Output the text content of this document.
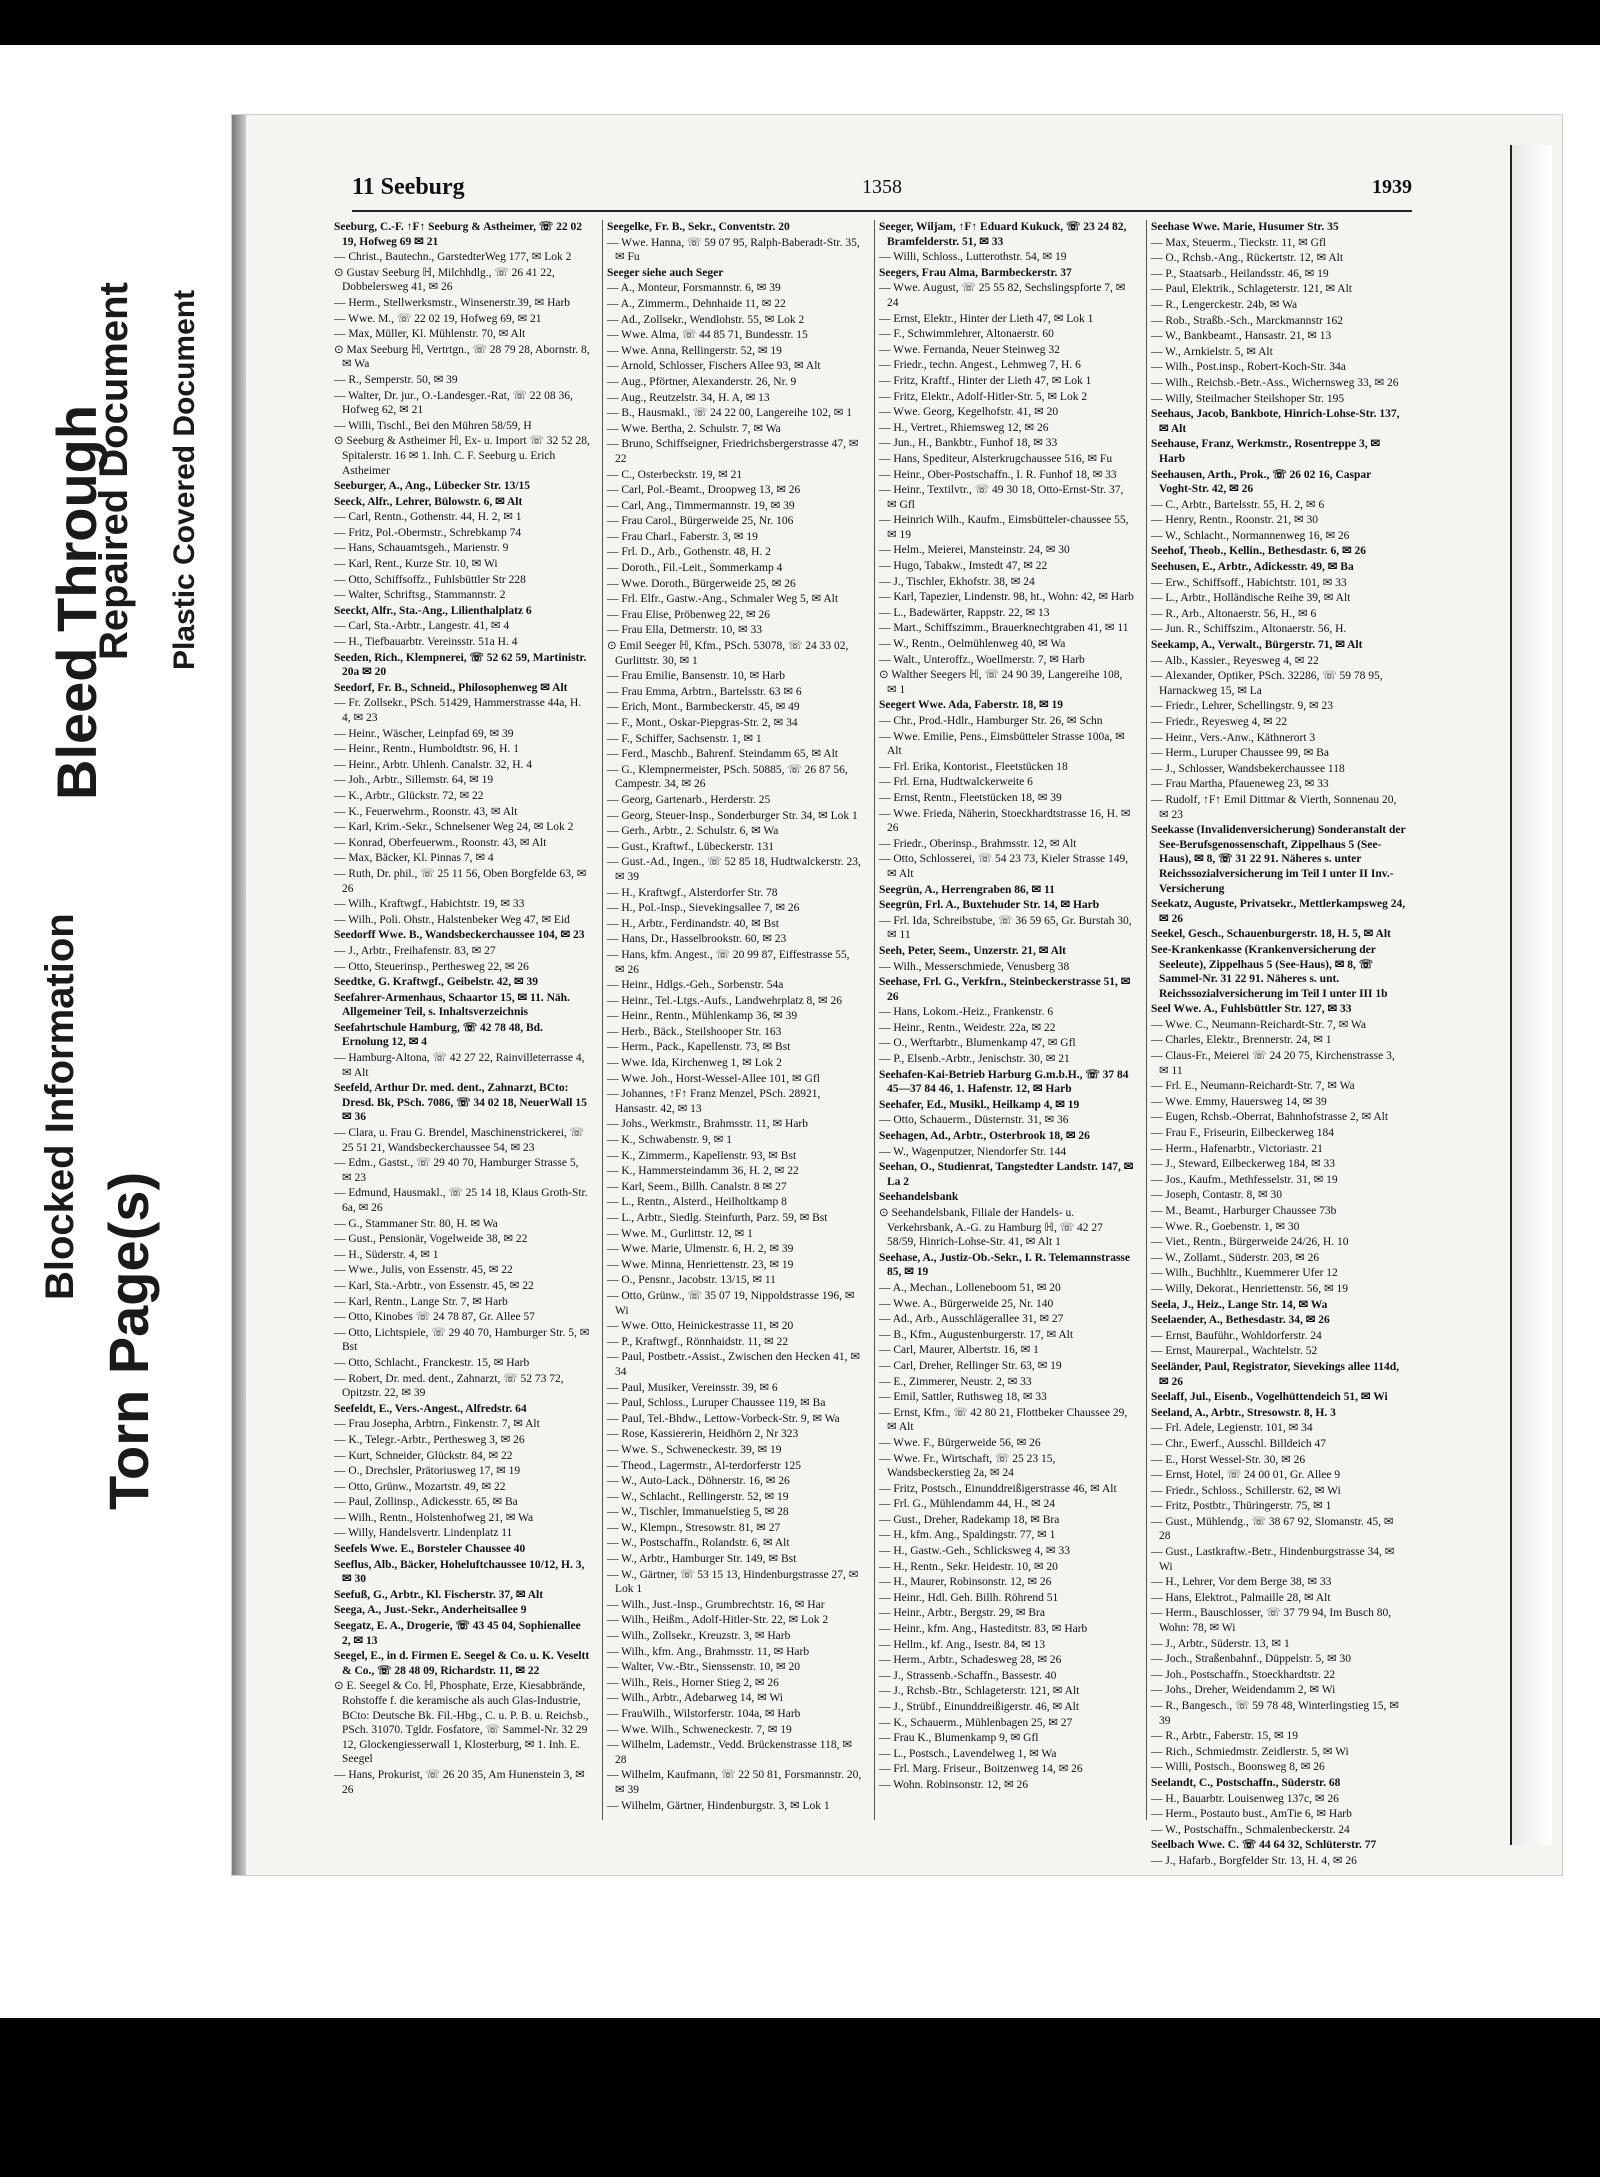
Blocked Information
Bleed Through
Torn Page(s)
Repaired Document Plastic Covered Document
11 Seeburg	1358	1939
Seeburg, C.-F. ↑F↑ Seeburg & Astheimer, ☏ 22 02 19, Hofweg 69 ✉ 21
— Christ., Bautechn., GarstedterWeg 177, ✉ Lok 2
⊙ Gustav Seeburg ℍ, Milchhdlg., ☏ 26 41 22, Dobbelersweg 41, ✉ 26
— Herm., Stellwerksmstr., Winsenerstr.39, ✉ Harb
— Wwe. M., ☏ 22 02 19, Hofweg 69, ✉ 21
— Max, Müller, Kl. Mühlenstr. 70, ✉ Alt
⊙ Max Seeburg ℍ, Vertrtgn., ☏ 28 79 28, Abornstr. 8, ✉ Wa
— R., Semperstr. 50, ✉ 39
— Walter, Dr. jur., O.-Landesger.-Rat, ☏ 22 08 36, Hofweg 62, ✉ 21
— Willi, Tischl., Bei den Mühren 58/59, H
⊙ Seeburg & Astheimer ℍ, Ex- u. Import ☏ 32 52 28, Spitalerstr. 16 ✉ 1. Inh. C. F. Seeburg u. Erich Astheimer
Seeburger, A., Ang., Lübecker Str. 13/15
Seeck, Alfr., Lehrer, Bülowstr. 6, ✉ Alt
— Carl, Rentn., Gothenstr. 44, H. 2, ✉ 1
— Fritz, Pol.-Obermstr., Schrebkamp 74
— Hans, Schauamtsgeh., Marienstr. 9
— Karl, Rent., Kurze Str. 10, ✉ Wi
— Otto, Schiffsoffz., Fuhlsbüttler Str 228
— Walter, Schriftsg., Stammannstr. 2
Seeckt, Alfr., Sta.-Ang., Lilienthalplatz 6
— Carl, Sta.-Arbtr., Langestr. 41, ✉ 4
— H., Tiefbauarbtr. Vereinsstr. 51a H. 4
Seeden, Rich., Klempnerei, ☏ 52 62 59, Martinistr. 20a ✉ 20
Seedorf, Fr. B., Schneid., Philosophenweg ✉ Alt
— Fr. Zollsekr., PSch. 51429, Hammerstrasse 44a, H. 4, ✉ 23
— Heinr., Wäscher, Leinpfad 69, ✉ 39
— Heinr., Rentn., Humboldtstr. 96, H. 1
— Heinr., Arbtr. Uhlenh. Canalstr. 32, H. 4
— Joh., Arbtr., Sillemstr. 64, ✉ 19
— K., Arbtr., Glückstr. 72, ✉ 22
— K., Feuerwehrm., Roonstr. 43, ✉ Alt
— Karl, Krim.-Sekr., Schnelsener Weg 24, ✉ Lok 2
— Konrad, Oberfeuerwm., Roonstr. 43, ✉ Alt
— Max, Bäcker, Kl. Pinnas 7, ✉ 4
— Ruth, Dr. phil., ☏ 25 11 56, Oben Borgfelde 63, ✉ 26
— Wilh., Kraftwgf., Habichtstr. 19, ✉ 33
— Wilh., Poli. Ohstr., Halstenbeker Weg 47, ✉ Eid
Seedorff Wwe. B., Wandsbeckerchaussee 104, ✉ 23
— J., Arbtr., Freihafenstr. 83, ✉ 27
— Otto, Steuerinsp., Perthesweg 22, ✉ 26
Seedtke, G. Kraftwgf., Geibelstr. 42, ✉ 39
Seefahrer-Armenhaus, Schaartor 15, ✉ 11. Näh. Allgemeiner Teil, s. Inhaltsverzeichnis
Seefahrtschule Hamburg, ☏ 42 78 48, Bd. Ernolung 12, ✉ 4
— Hamburg-Altona, ☏ 42 27 22, Rainvilleterrasse 4, ✉ Alt
Seefeld, Arthur Dr. med. dent., Zahnarzt, BCto: Dresd. Bk, PSch. 7086, ☏ 34 02 18, NeuerWall 15 ✉ 36
— Clara, u. Frau G. Brendel, Maschinenstrickerei, ☏ 25 51 21, Wandsbeckerchaussee 54, ✉ 23
— Edm., Gastst., ☏ 29 40 70, Hamburger Strasse 5, ✉ 23
— Edmund, Hausmakl., ☏ 25 14 18, Klaus Groth-Str. 6a, ✉ 26
— G., Stammaner Str. 80, H. ✉ Wa
— Gust., Pensionär, Vogelweide 38, ✉ 22
— H., Süderstr. 4, ✉ 1
— Wwe., Julis, von Essenstr. 45, ✉ 22
— Karl, Sta.-Arbtr., von Essenstr. 45, ✉ 22
— Karl, Rentn., Lange Str. 7, ✉ Harb
— Otto, Kinobes ☏ 24 78 87, Gr. Allee 57
— Otto, Lichtspiele, ☏ 29 40 70, Hamburger Str. 5, ✉ Bst
— Otto, Schlacht., Franckestr. 15, ✉ Harb
— Robert, Dr. med. dent., Zahnarzt, ☏ 52 73 72, Opitzstr. 22, ✉ 39
Seefeldt, E., Vers.-Angest., Alfredstr. 64
— Frau Josepha, Arbtrn., Finkenstr. 7, ✉ Alt
— K., Telegr.-Arbtr., Perthesweg 3, ✉ 26
— Kurt, Schneider, Glückstr. 84, ✉ 22
— O., Drechsler, Prätoriusweg 17, ✉ 19
— Otto, Grünw., Mozartstr. 49, ✉ 22
— Paul, Zollinsp., Adickesstr. 65, ✉ Ba
— Wilh., Rentn., Holstenhofweg 21, ✉ Wa
— Willy, Handelsvertr. Lindenplatz 11
Seefels Wwe. E., Borsteler Chaussee 40
Seeflus, Alb., Bäcker, Hoheluftchaussee 10/12, H. 3, ✉ 30
Seefuß, G., Arbtr., Kl. Fischerstr. 37, ✉ Alt
Seega, A., Just.-Sekr., Anderheitsallee 9
Seegatz, E. A., Drogerie, ☏ 43 45 04, Sophienallee 2, ✉ 13
Seegel, E., in d. Firmen E. Seegel & Co. u. K. Veseltt & Co., ☏ 28 48 09, Richardstr. 11, ✉ 22
⊙ E. Seegel & Co. ℍ, Phosphate, Erze, Kiesabbrände, Rohstoffe f. die keramische als auch Glas-Industrie, BCto: Deutsche Bk. Fil.-Hbg., C. u. P. B. u. Reichsb., PSch. 31070. Tgldr. Fosfatore, ☏ Sammel-Nr. 32 29 12, Glockengiesserwall 1, Klosterburg, ✉ 1. Inh. E. Seegel
— Hans, Prokurist, ☏ 26 20 35, Am Hunenstein 3, ✉ 26
Seegelke, Fr. B., Sekr., Conventstr. 20
— Wwe. Hanna, ☏ 59 07 95, Ralph-Baberadt-Str. 35, ✉ Fu
Seeger siehe auch Seger
— A., Monteur, Forsmannstr. 6, ✉ 39
— A., Zimmerm., Dehnhaide 11, ✉ 22
— Ad., Zollsekr., Wendlohstr. 55, ✉ Lok 2
— Wwe. Alma, ☏ 44 85 71, Bundesstr. 15
— Wwe. Anna, Rellingerstr. 52, ✉ 19
— Arnold, Schlosser, Fischers Allee 93, ✉ Alt
— Aug., Pförtner, Alexanderstr. 26, Nr. 9
— Aug., Reutzelstr. 34, H. A, ✉ 13
— B., Hausmakl., ☏ 24 22 00, Langereihe 102, ✉ 1
— Wwe. Bertha, 2. Schulstr. 7, ✉ Wa
— Bruno, Schiffseigner, Friedrichsbergerstrasse 47, ✉ 22
— C., Osterbeckstr. 19, ✉ 21
— Carl, Pol.-Beamt., Droopweg 13, ✉ 26
— Carl, Ang., Timmermannstr. 19, ✉ 39
— Frau Carol., Bürgerweide 25, Nr. 106
— Frau Charl., Faberstr. 3, ✉ 19
— Frl. D., Arb., Gothenstr. 48, H. 2
— Doroth., Fil.-Leit., Sommerkamp 4
— Wwe. Doroth., Bürgerweide 25, ✉ 26
— Frl. Elfr., Gastw.-Ang., Schmaler Weg 5, ✉ Alt
— Frau Elise, Pröbenweg 22, ✉ 26
— Frau Ella, Detmerstr. 10, ✉ 33
⊙ Emil Seeger ℍ, Kfm., PSch. 53078, ☏ 24 33 02, Gurlittstr. 30, ✉ 1
— Frau Emilie, Bansenstr. 10, ✉ Harb
— Frau Emma, Arbtrn., Bartelsstr. 63 ✉ 6
— Erich, Mont., Barmbeckerstr. 45, ✉ 49
— F., Mont., Oskar-Piepgras-Str. 2, ✉ 34
— F., Schiffer, Sachsenstr. 1, ✉ 1
— Ferd., Maschb., Bahrenf. Steindamm 65, ✉ Alt
— G., Klempnermeister, PSch. 50885, ☏ 26 87 56, Campestr. 34, ✉ 26
— Georg, Gartenarb., Herderstr. 25
— Georg, Steuer-Insp., Sonderburger Str. 34, ✉ Lok 1
— Gerh., Arbtr., 2. Schulstr. 6, ✉ Wa
— Gust., Kraftwf., Lübeckerstr. 131
— Gust.-Ad., Ingen., ☏ 52 85 18, Hudtwalckerstr. 23, ✉ 39
— H., Kraftwgf., Alsterdorfer Str. 78
— H., Pol.-Insp., Sievekingsallee 7, ✉ 26
— H., Arbtr., Ferdinandstr. 40, ✉ Bst
— Hans, Dr., Hasselbrookstr. 60, ✉ 23
— Hans, kfm. Angest., ☏ 20 99 87, Eiffestrasse 55, ✉ 26
— Heinr., Hdlgs.-Geh., Sorbenstr. 54a
— Heinr., Tel.-Ltgs.-Aufs., Landwehrplatz 8, ✉ 26
— Heinr., Rentn., Mühlenkamp 36, ✉ 39
— Herb., Bäck., Steilshooper Str. 163
— Herm., Pack., Kapellenstr. 73, ✉ Bst
— Wwe. Ida, Kirchenweg 1, ✉ Lok 2
— Wwe. Joh., Horst-Wessel-Allee 101, ✉ Gfl
— Johannes, ↑F↑ Franz Menzel, PSch. 28921, Hansastr. 42, ✉ 13
— Johs., Werkmstr., Brahmsstr. 11, ✉ Harb
— K., Schwabenstr. 9, ✉ 1
— K., Zimmerm., Kapellenstr. 93, ✉ Bst
— K., Hammersteindamm 36, H. 2, ✉ 22
— Karl, Seem., Billh. Canalstr. 8 ✉ 27
— L., Rentn., Alsterd., Heilholtkamp 8
— L., Arbtr., Siedlg. Steinfurth, Parz. 59, ✉ Bst
— Wwe. M., Gurlittstr. 12, ✉ 1
— Wwe. Marie, Ulmenstr. 6, H. 2, ✉ 39
— Wwe. Minna, Henriettenstr. 23, ✉ 19
— O., Pensnr., Jacobstr. 13/15, ✉ 11
— Otto, Grünw., ☏ 35 07 19, Nippoldstrasse 196, ✉ Wi
— Wwe. Otto, Heinickestrasse 11, ✉ 20
— P., Kraftwgf., Rönnhaidstr. 11, ✉ 22
— Paul, Postbetr.-Assist., Zwischen den Hecken 41, ✉ 34
— Paul, Musiker, Vereinsstr. 39, ✉ 6
— Paul, Schloss., Luruper Chaussee 119, ✉ Ba
— Paul, Tel.-Bhdw., Lettow-Vorbeck-Str. 9, ✉ Wa
— Rose, Kassiererin, Heidhörn 2, Nr 323
— Wwe. S., Schweneckestr. 39, ✉ 19
— Theod., Lagermstr., Al-terdorferstr 125
— W., Auto-Lack., Döhnerstr. 16, ✉ 26
— W., Schlacht., Rellingerstr. 52, ✉ 19
— W., Tischler, Immanuelstieg 5, ✉ 28
— W., Klempn., Stresowstr. 81, ✉ 27
— W., Postschaffn., Rolandstr. 6, ✉ Alt
— W., Arbtr., Hamburger Str. 149, ✉ Bst
— W., Gärtner, ☏ 53 15 13, Hindenburgstrasse 27, ✉ Lok 1
— Wilh., Just.-Insp., Grumbrechtstr. 16, ✉ Har
— Wilh., Heißm., Adolf-Hitler-Str. 22, ✉ Lok 2
— Wilh., Zollsekr., Kreuzstr. 3, ✉ Harb
— Wilh., kfm. Ang., Brahmsstr. 11, ✉ Harb
— Walter, Vw.-Btr., Sienssenstr. 10, ✉ 20
— Wilh., Reis., Horner Stieg 2, ✉ 26
— Wilh., Arbtr., Adebarweg 14, ✉ Wi
— FrauWilh., Wilstorferstr. 104a, ✉ Harb
— Wwe. Wilh., Schweneckestr. 7, ✉ 19
— Wilhelm, Lademstr., Vedd. Brückenstrasse 118, ✉ 28
— Wilhelm, Kaufmann, ☏ 22 50 81, Forsmannstr. 20, ✉ 39
— Wilhelm, Gärtner, Hindenburgstr. 3, ✉ Lok 1
Seeger, Wiljam, ↑F↑ Eduard Kukuck, ☏ 23 24 82, Bramfelderstr. 51, ✉ 33
— Willi, Schloss., Lutterothstr. 54, ✉ 19
Seegers, Frau Alma, Barmbeckerstr. 37
— Wwe. August, ☏ 25 55 82, Sechslingspforte 7, ✉ 24
— Ernst, Elektr., Hinter der Lieth 47, ✉ Lok 1
— F., Schwimmlehrer, Altonaerstr. 60
— Wwe. Fernanda, Neuer Steinweg 32
— Friedr., techn. Angest., Lehmweg 7, H. 6
— Fritz, Kraftf., Hinter der Lieth 47, ✉ Lok 1
— Fritz, Elektr., Adolf-Hitler-Str. 5, ✉ Lok 2
— Wwe. Georg, Kegelhofstr. 41, ✉ 20
— H., Vertret., Rhiemsweg 12, ✉ 26
— Jun., H., Bankbtr., Funhof 18, ✉ 33
— Hans, Spediteur, Alsterkrugchaussee 516, ✉ Fu
— Heinr., Ober-Postschaffn., I. R. Funhof 18, ✉ 33
— Heinr., Textilvtr., ☏ 49 30 18, Otto-Ernst-Str. 37, ✉ Gfl
— Heinrich Wilh., Kaufm., Eimsbütteler-chaussee 55, ✉ 19
— Helm., Meierei, Mansteinstr. 24, ✉ 30
— Hugo, Tabakw., Imstedt 47, ✉ 22
— J., Tischler, Ekhofstr. 38, ✉ 24
— Karl, Tapezier, Lindenstr. 98, ht., Wohn: 42, ✉ Harb
— L., Badewärter, Rappstr. 22, ✉ 13
— Mart., Schiffszimm., Brauerknechtgraben 41, ✉ 11
— W., Rentn., Oelmühlenweg 40, ✉ Wa
— Walt., Unteroffz., Woellmerstr. 7, ✉ Harb
⊙ Walther Seegers ℍ, ☏ 24 90 39, Langereihe 108, ✉ 1
Seegert Wwe. Ada, Faberstr. 18, ✉ 19
— Chr., Prod.-Hdlr., Hamburger Str. 26, ✉ Schn
— Wwe. Emilie, Pens., Eimsbütteler Strasse 100a, ✉ Alt
— Frl. Erika, Kontorist., Fleetstücken 18
— Frl. Erna, Hudtwalckerweite 6
— Ernst, Rentn., Fleetstücken 18, ✉ 39
— Wwe. Frieda, Näherin, Stoeckhardtstrasse 16, H. ✉ 26
— Friedr., Oberinsp., Brahmsstr. 12, ✉ Alt
— Otto, Schlosserei, ☏ 54 23 73, Kieler Strasse 149, ✉ Alt
Seegrün, A., Herrengraben 86, ✉ 11
Seegrün, Frl. A., Buxtehuder Str. 14, ✉ Harb
— Frl. Ida, Schreibstube, ☏ 36 59 65, Gr. Burstah 30, ✉ 11
Seeh, Peter, Seem., Unzerstr. 21, ✉ Alt
— Wilh., Messerschmiede, Venusberg 38
Seehase, Frl. G., Verkfrn., Steinbeckerstrasse 51, ✉ 26
— Hans, Lokom.-Heiz., Frankenstr. 6
— Heinr., Rentn., Weidestr. 22a, ✉ 22
— O., Werftarbtr., Blumenkamp 47, ✉ Gfl
— P., Elsenb.-Arbtr., Jenischstr. 30, ✉ 21
Seehafen-Kai-Betrieb Harburg G.m.b.H., ☏ 37 84 45—37 84 46, 1. Hafenstr. 12, ✉ Harb
Seehafer, Ed., Musikl., Heilkamp 4, ✉ 19
— Otto, Schauerm., Düsternstr. 31, ✉ 36
Seehagen, Ad., Arbtr., Osterbrook 18, ✉ 26
— W., Wagenputzer, Niendorfer Str. 144
Seehan, O., Studienrat, Tangstedter Landstr. 147, ✉ La 2
Seehandelsbank
⊙ Seehandelsbank, Filiale der Handels- u. Verkehrsbank, A.-G. zu Hamburg ℍ, ☏ 42 27 58/59, Hinrich-Lohse-Str. 41, ✉ Alt 1
Seehase, A., Justiz-Ob.-Sekr., I. R. Telemannstrasse 85, ✉ 19
— A., Mechan., Lolleneboom 51, ✉ 20
— Wwe. A., Bürgerweide 25, Nr. 140
— Ad., Arb., Ausschlägerallee 31, ✉ 27
— B., Kfm., Augustenburgerstr. 17, ✉ Alt
— Carl, Maurer, Albertstr. 16, ✉ 1
— Carl, Dreher, Rellinger Str. 63, ✉ 19
— E., Zimmerer, Neustr. 2, ✉ 33
— Emil, Sattler, Ruthsweg 18, ✉ 33
— Ernst, Kfm., ☏ 42 80 21, Flottbeker Chaussee 29, ✉ Alt
— Wwe. F., Bürgerweide 56, ✉ 26
— Wwe. Fr., Wirtschaft, ☏ 25 23 15, Wandsbeckerstieg 2a, ✉ 24
— Fritz, Postsch., Einunddreißigerstrasse 46, ✉ Alt
— Frl. G., Mühlendamm 44, H., ✉ 24
— Gust., Dreher, Radekamp 18, ✉ Bra
— H., kfm. Ang., Spaldingstr. 77, ✉ 1
— H., Gastw.-Geh., Schlicksweg 4, ✉ 33
— H., Rentn., Sekr. Heidestr. 10, ✉ 20
— H., Maurer, Robinsonstr. 12, ✉ 26
— Heinr., Hdl. Geh. Billh. Röhrend 51
— Heinr., Arbtr., Bergstr. 29, ✉ Bra
— Heinr., kfm. Ang., Hasteditstr. 83, ✉ Harb
— Hellm., kf. Ang., Isestr. 84, ✉ 13
— Herm., Arbtr., Schadesweg 28, ✉ 26
— J., Strassenb.-Schaffn., Bassestr. 40
— J., Rchsb.-Btr., Schlageterstr. 121, ✉ Alt
— J., Strübf., Einunddreißigerstr. 46, ✉ Alt
— K., Schauerm., Mühlenbagen 25, ✉ 27
— Frau K., Blumenkamp 9, ✉ Gfl
— L., Postsch., Lavendelweg 1, ✉ Wa
— Frl. Marg. Friseur., Boitzenweg 14, ✉ 26
— Wohn. Robinsonstr. 12, ✉ 26
Seehase Wwe. Marie, Husumer Str. 35
— Max, Steuerm., Tieckstr. 11, ✉ Gfl
— O., Rchsb.-Ang., Rückertstr. 12, ✉ Alt
— P., Staatsarb., Heilandsstr. 46, ✉ 19
— Paul, Elektrik., Schlageterstr. 121, ✉ Alt
— R., Lengerckestr. 24b, ✉ Wa
— Rob., Straßb.-Sch., Marckmannstr 162
— W., Bankbeamt., Hansastr. 21, ✉ 13
— W., Arnkielstr. 5, ✉ Alt
— Wilh., Post.insp., Robert-Koch-Str. 34a
— Wilh., Reichsb.-Betr.-Ass., Wichernsweg 33, ✉ 26
— Willy, Steilmacher Steilshoper Str. 195
Seehaus, Jacob, Bankbote, Hinrich-Lohse-Str. 137, ✉ Alt
Seehause, Franz, Werkmstr., Rosentreppe 3, ✉ Harb
Seehausen, Arth., Prok., ☏ 26 02 16, Caspar Voght-Str. 42, ✉ 26
— C., Arbtr., Bartelsstr. 55, H. 2, ✉ 6
— Henry, Rentn., Roonstr. 21, ✉ 30
— W., Schlacht., Normannenweg 16, ✉ 26
Seehof, Theob., Kellin., Bethesdastr. 6, ✉ 26
Seehusen, E., Arbtr., Adickesstr. 49, ✉ Ba
— Erw., Schiffsoff., Habichtstr. 101, ✉ 33
— L., Arbtr., Holländische Reihe 39, ✉ Alt
— R., Arb., Altonaerstr. 56, H., ✉ 6
— Jun. R., Schiffszim., Altonaerstr. 56, H.
Seekamp, A., Verwalt., Bürgerstr. 71, ✉ Alt
— Alb., Kassier., Reyesweg 4, ✉ 22
— Alexander, Optiker, PSch. 32286, ☏ 59 78 95, Harnackweg 15, ✉ La
— Friedr., Lehrer, Schellingstr. 9, ✉ 23
— Friedr., Reyesweg 4, ✉ 22
— Heinr., Vers.-Anw., Käthnerort 3
— Herm., Luruper Chaussee 99, ✉ Ba
— J., Schlosser, Wandsbekerchaussee 118
— Frau Martha, Pfaueneweg 23, ✉ 33
— Rudolf, ↑F↑ Emil Dittmar & Vierth, Sonnenau 20, ✉ 23
Seekasse (Invalidenversicherung) Sonderanstalt der See-Berufsgenossenschaft, Zippelhaus 5 (See-Haus), ✉ 8, ☏ 31 22 91. Näheres s. unter Reichssozialversicherung im Teil I unter II Inv.-Versicherung
Seekatz, Auguste, Privatsekr., Mettlerkampsweg 24, ✉ 26
Seekel, Gesch., Schauenburgerstr. 18, H. 5, ✉ Alt
See-Krankenkasse (Krankenversicherung der Seeleute), Zippelhaus 5 (See-Haus), ✉ 8, ☏ Sammel-Nr. 31 22 91. Näheres s. unt. Reichssozialversicherung im Teil I unter III 1b
Seel Wwe. A., Fuhlsbüttler Str. 127, ✉ 33
— Wwe. C., Neumann-Reichardt-Str. 7, ✉ Wa
— Charles, Elektr., Brennerstr. 24, ✉ 1
— Claus-Fr., Meierei ☏ 24 20 75, Kirchenstrasse 3, ✉ 11
— Frl. E., Neumann-Reichardt-Str. 7, ✉ Wa
— Wwe. Emmy, Hauersweg 14, ✉ 39
— Eugen, Rchsb.-Oberrat, Bahnhofstrasse 2, ✉ Alt
— Frau F., Friseurin, Eilbeckerweg 184
— Herm., Hafenarbtr., Victoriastr. 21
— J., Steward, Eilbeckerweg 184, ✉ 33
— Jos., Kaufm., Methfesselstr. 31, ✉ 19
— Joseph, Contastr. 8, ✉ 30
— M., Beamt., Harburger Chaussee 73b
— Wwe. R., Goebenstr. 1, ✉ 30
— Viet., Rentn., Bürgerweide 24/26, H. 10
— W., Zollamt., Süderstr. 203, ✉ 26
— Wilh., Buchhltr., Kuemmerer Ufer 12
— Willy, Dekorat., Henriettenstr. 56, ✉ 19
Seela, J., Heiz., Lange Str. 14, ✉ Wa
Seelaender, A., Bethesdastr. 34, ✉ 26
— Ernst, Bauführ., Wohldorferstr. 24
— Ernst, Maurerpal., Wachtelstr. 52
Seeländer, Paul, Registrator, Sievekings allee 114d, ✉ 26
Seelaff, Jul., Eisenb., Vogelhüttendeich 51, ✉ Wi
Seeland, A., Arbtr., Stresowstr. 8, H. 3
— Frl. Adele, Legienstr. 101, ✉ 34
— Chr., Ewerf., Ausschl. Billdeich 47
— E., Horst Wessel-Str. 30, ✉ 26
— Ernst, Hotel, ☏ 24 00 01, Gr. Allee 9
— Friedr., Schloss., Schillerstr. 62, ✉ Wi
— Fritz, Postbtr., Thüringerstr. 75, ✉ 1
— Gust., Mühlendg., ☏ 38 67 92, Slomanstr. 45, ✉ 28
— Gust., Lastkraftw.-Betr., Hindenburgstrasse 34, ✉ Wi
— H., Lehrer, Vor dem Berge 38, ✉ 33
— Hans, Elektrot., Palmaille 28, ✉ Alt
— Herm., Bauschlosser, ☏ 37 79 94, Im Busch 80, Wohn: 78, ✉ Wi
— J., Arbtr., Süderstr. 13, ✉ 1
— Joch., Straßenbahnf., Düppelstr. 5, ✉ 30
— Joh., Postschaffn., Stoeckhardtstr. 22
— Johs., Dreher, Weidendamm 2, ✉ Wi
— R., Bangesch., ☏ 59 78 48, Winterlingstieg 15, ✉ 39
— R., Arbtr., Faberstr. 15, ✉ 19
— Rich., Schmiedmstr. Zeidlerstr. 5, ✉ Wi
— Willi, Postsch., Boonsweg 8, ✉ 26
Seelandt, C., Postschaffn., Süderstr. 68
— H., Bauarbtr. Louisenweg 137c, ✉ 26
— Herm., Postauto bust., AmTie 6, ✉ Harb
— W., Postschaffn., Schmalenbeckerstr. 24
Seelbach Wwe. C. ☏ 44 64 32, Schlüterstr. 77
— J., Hafarb., Borgfelder Str. 13, H. 4, ✉ 26
